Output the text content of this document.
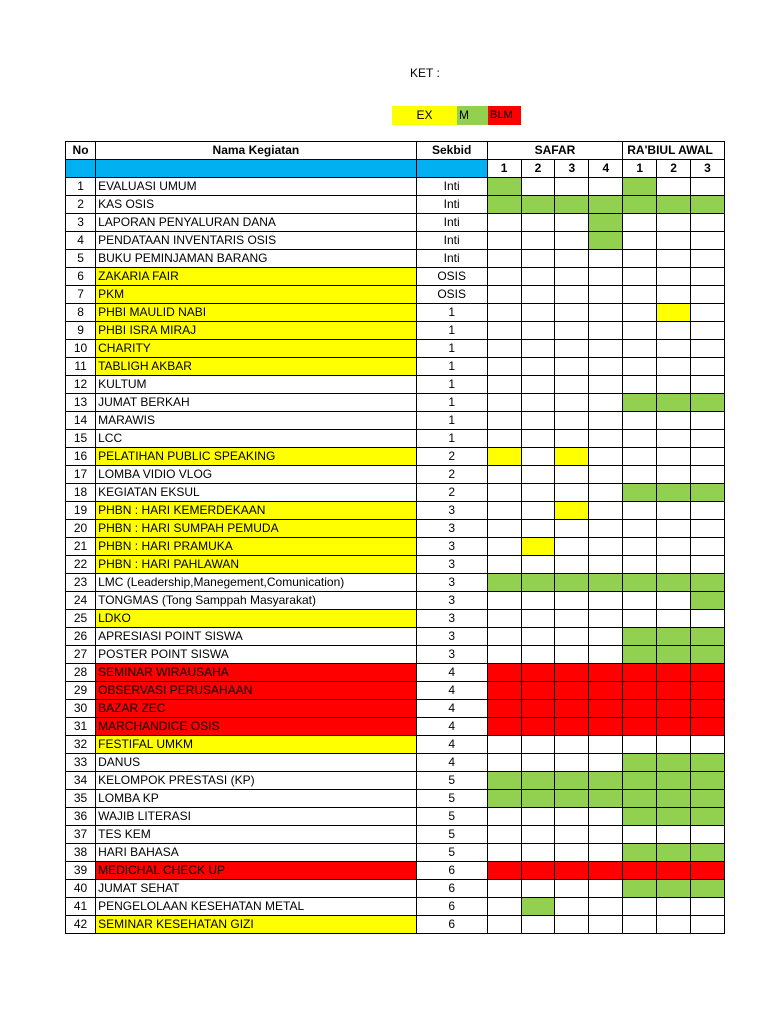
KET :
EX	M	BLM
No	Nama Kegiatan	Sekbid	SAFAR				RA'BIUL AWAL		
			1	2	3	4	1	2	3
1	EVALUASI UMUM	Inti							
2	KAS OSIS	Inti							
3	LAPORAN PENYALURAN DANA	Inti							
4	PENDATAAN INVENTARIS OSIS	Inti							
5	BUKU PEMINJAMAN BARANG	Inti							
6	ZAKARIA FAIR	OSIS							
7	PKM	OSIS							
8	PHBI MAULID NABI	1							
9	PHBI ISRA MIRAJ	1							
10	CHARITY	1							
11	TABLIGH AKBAR	1							
12	KULTUM	1							
13	JUMAT BERKAH	1							
14	MARAWIS	1							
15	LCC	1							
16	PELATIHAN PUBLIC SPEAKING	2							
17	LOMBA VIDIO VLOG	2							
18	KEGIATAN EKSUL	2							
19	PHBN : HARI KEMERDEKAAN	3							
20	PHBN : HARI SUMPAH PEMUDA	3							
21	PHBN : HARI PRAMUKA	3							
22	PHBN : HARI PAHLAWAN	3							
23	LMC (Leadership,Manegement,Comunication)	3							
24	TONGMAS (Tong Samppah Masyarakat)	3							
25	LDKO	3							
26	APRESIASI POINT SISWA	3							
27	POSTER POINT SISWA	3							
28	SEMINAR WIRAUSAHA	4							
29	OBSERVASI PERUSAHAAN	4							
30	BAZAR ZEC	4							
31	MARCHANDICE OSIS	4							
32	FESTIFAL UMKM	4							
33	DANUS	4							
34	KELOMPOK PRESTASI (KP)	5							
35	LOMBA KP	5							
36	WAJIB LITERASI	5							
37	TES KEM	5							
38	HARI BAHASA	5							
39	MEDICHAL CHECK UP	6							
40	JUMAT SEHAT	6							
41	PENGELOLAAN KESEHATAN METAL	6							
42	SEMINAR KESEHATAN GIZI	6							
